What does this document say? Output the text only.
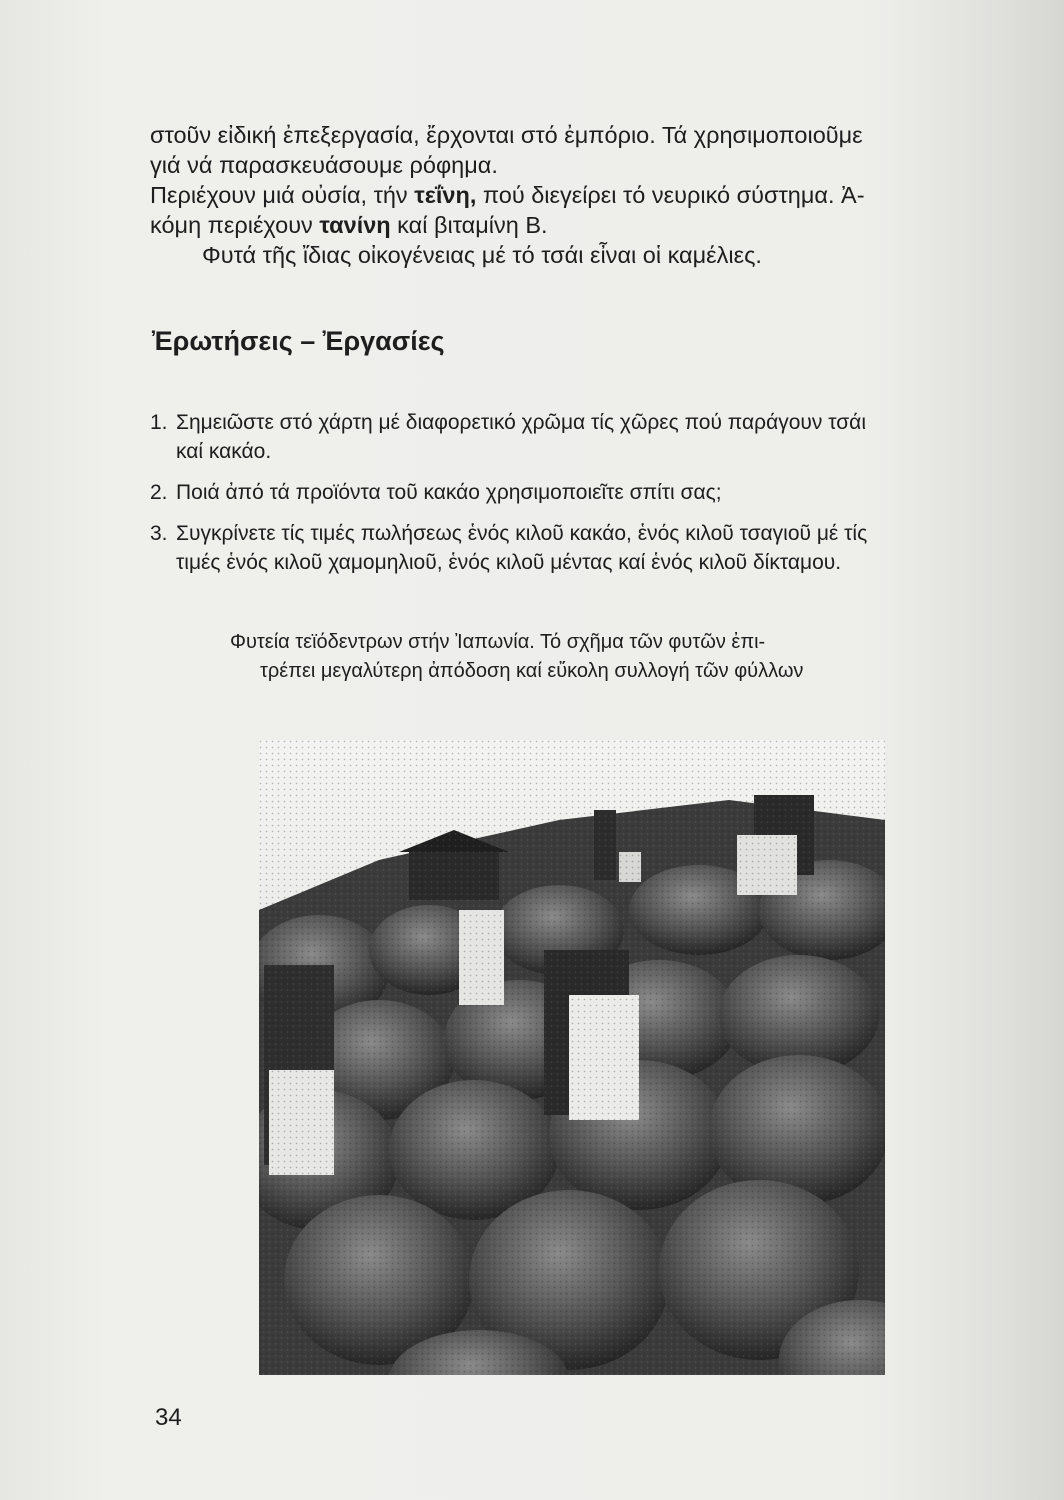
στοῦν εἰδική ἐπεξεργασία, ἔρχονται στό ἐμπόριο. Τά χρησιμοποιοῦμε

γιά νά παρασκευάσουμε ρόφημα.

Περιέχουν μιά οὐσία, τήν τεΐνη, πού διεγείρει τό νευρικό σύστημα. Ἀ-

κόμη περιέχουν τανίνη καί βιταμίνη Β.

Φυτά τῆς ἴδιας οἰκογένειας μέ τό τσάι εἶναι οἱ καμέλιες.

Ἐρωτήσεις – Ἐργασίες
1. Σημειῶστε στό χάρτη μέ διαφορετικό χρῶμα τίς χῶρες πού παράγουν τσάι
καί κακάο.
2. Ποιά ἀπό τά προϊόντα τοῦ κακάο χρησιμοποιεῖτε σπίτι σας;
3. Συγκρίνετε τίς τιμές πωλήσεως ἑνός κιλοῦ κακάο, ἑνός κιλοῦ τσαγιοῦ μέ τίς
τιμές ἑνός κιλοῦ χαμομηλιοῦ, ἑνός κιλοῦ μέντας καί ἑνός κιλοῦ δίκταμου.

Φυτεία τεϊόδεντρων στήν Ἰαπωνία. Τό σχῆμα τῶν φυτῶν ἐπι-
τρέπει μεγαλύτερη ἀπόδοση καί εὔκολη συλλογή τῶν φύλλων

34
